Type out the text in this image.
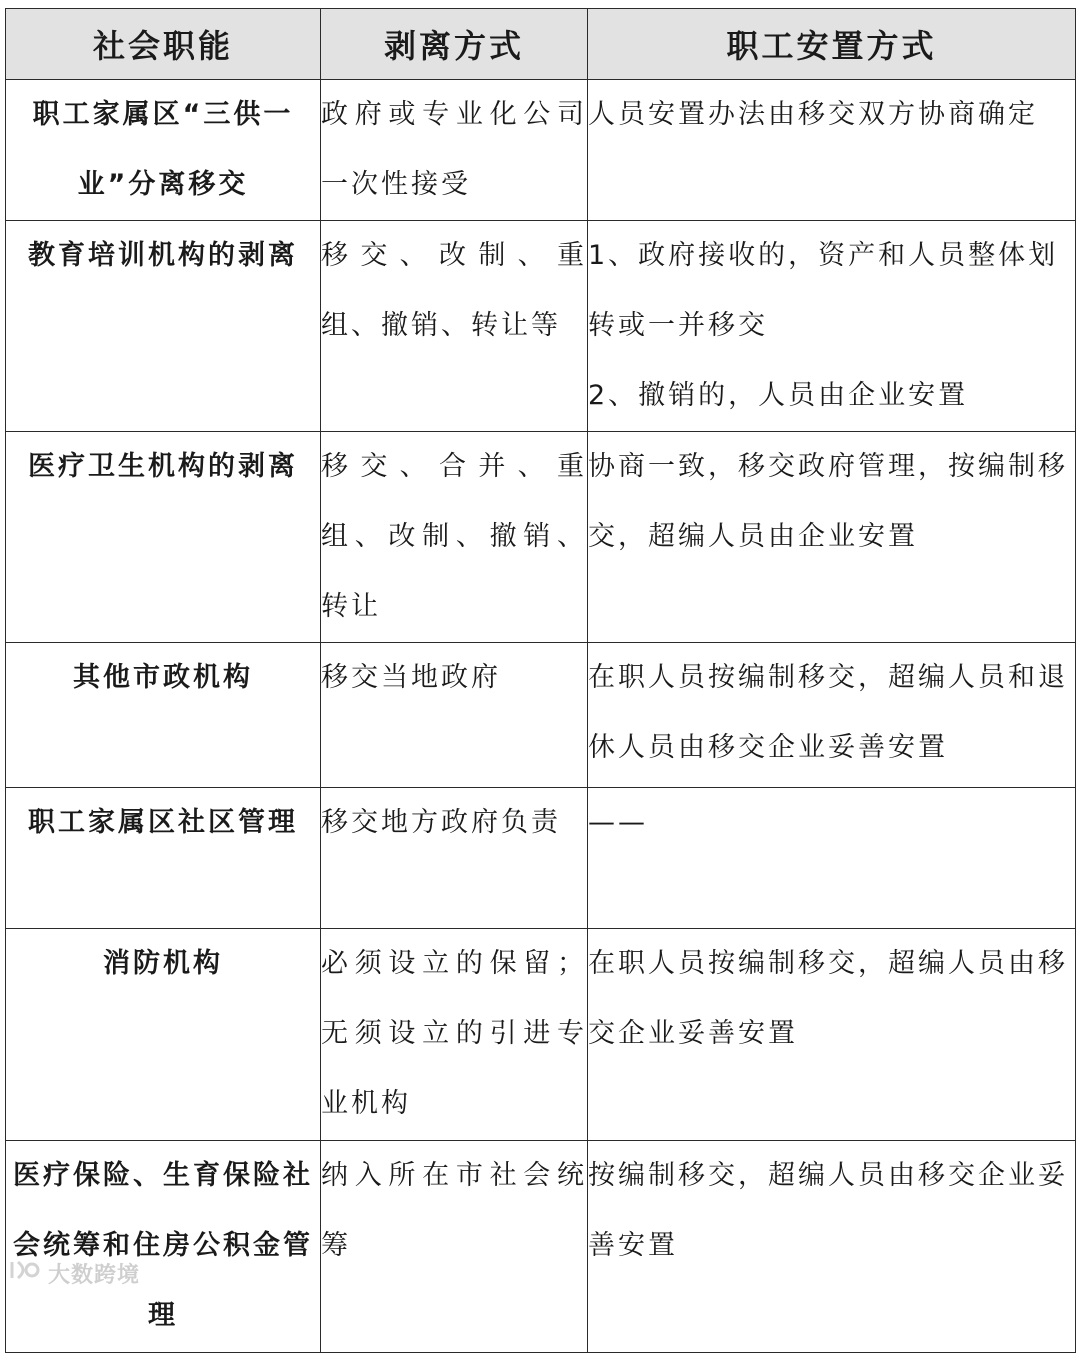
社会职能	剥离方式	职工安置方式
职工家属区“三供一业”分离移交	政府或专业化公司一次性接受	人员安置办法由移交双方协商确定

教育培训机构的剥离	移交、改制、重组、撤销、转让等	1、政府接收的，资产和人员整体划转或一并移交
2、撤销的，人员由企业安置

医疗卫生机构的剥离	移交、合并、重组、改制、撤销、转让	协商一致，移交政府管理，按编制移交，超编人员由企业安置

其他市政机构	移交当地政府	在职人员按编制移交，超编人员和退休人员由移交企业妥善安置

职工家属区社区管理	移交地方政府负责	——

消防机构	必须设立的保留；无须设立的引进专业机构	在职人员按编制移交，超编人员由移交企业妥善安置

医疗保险、生育保险社会统筹和住房公积金管理	纳入所在市社会统筹	按编制移交，超编人员由移交企业妥善安置
大数跨境
